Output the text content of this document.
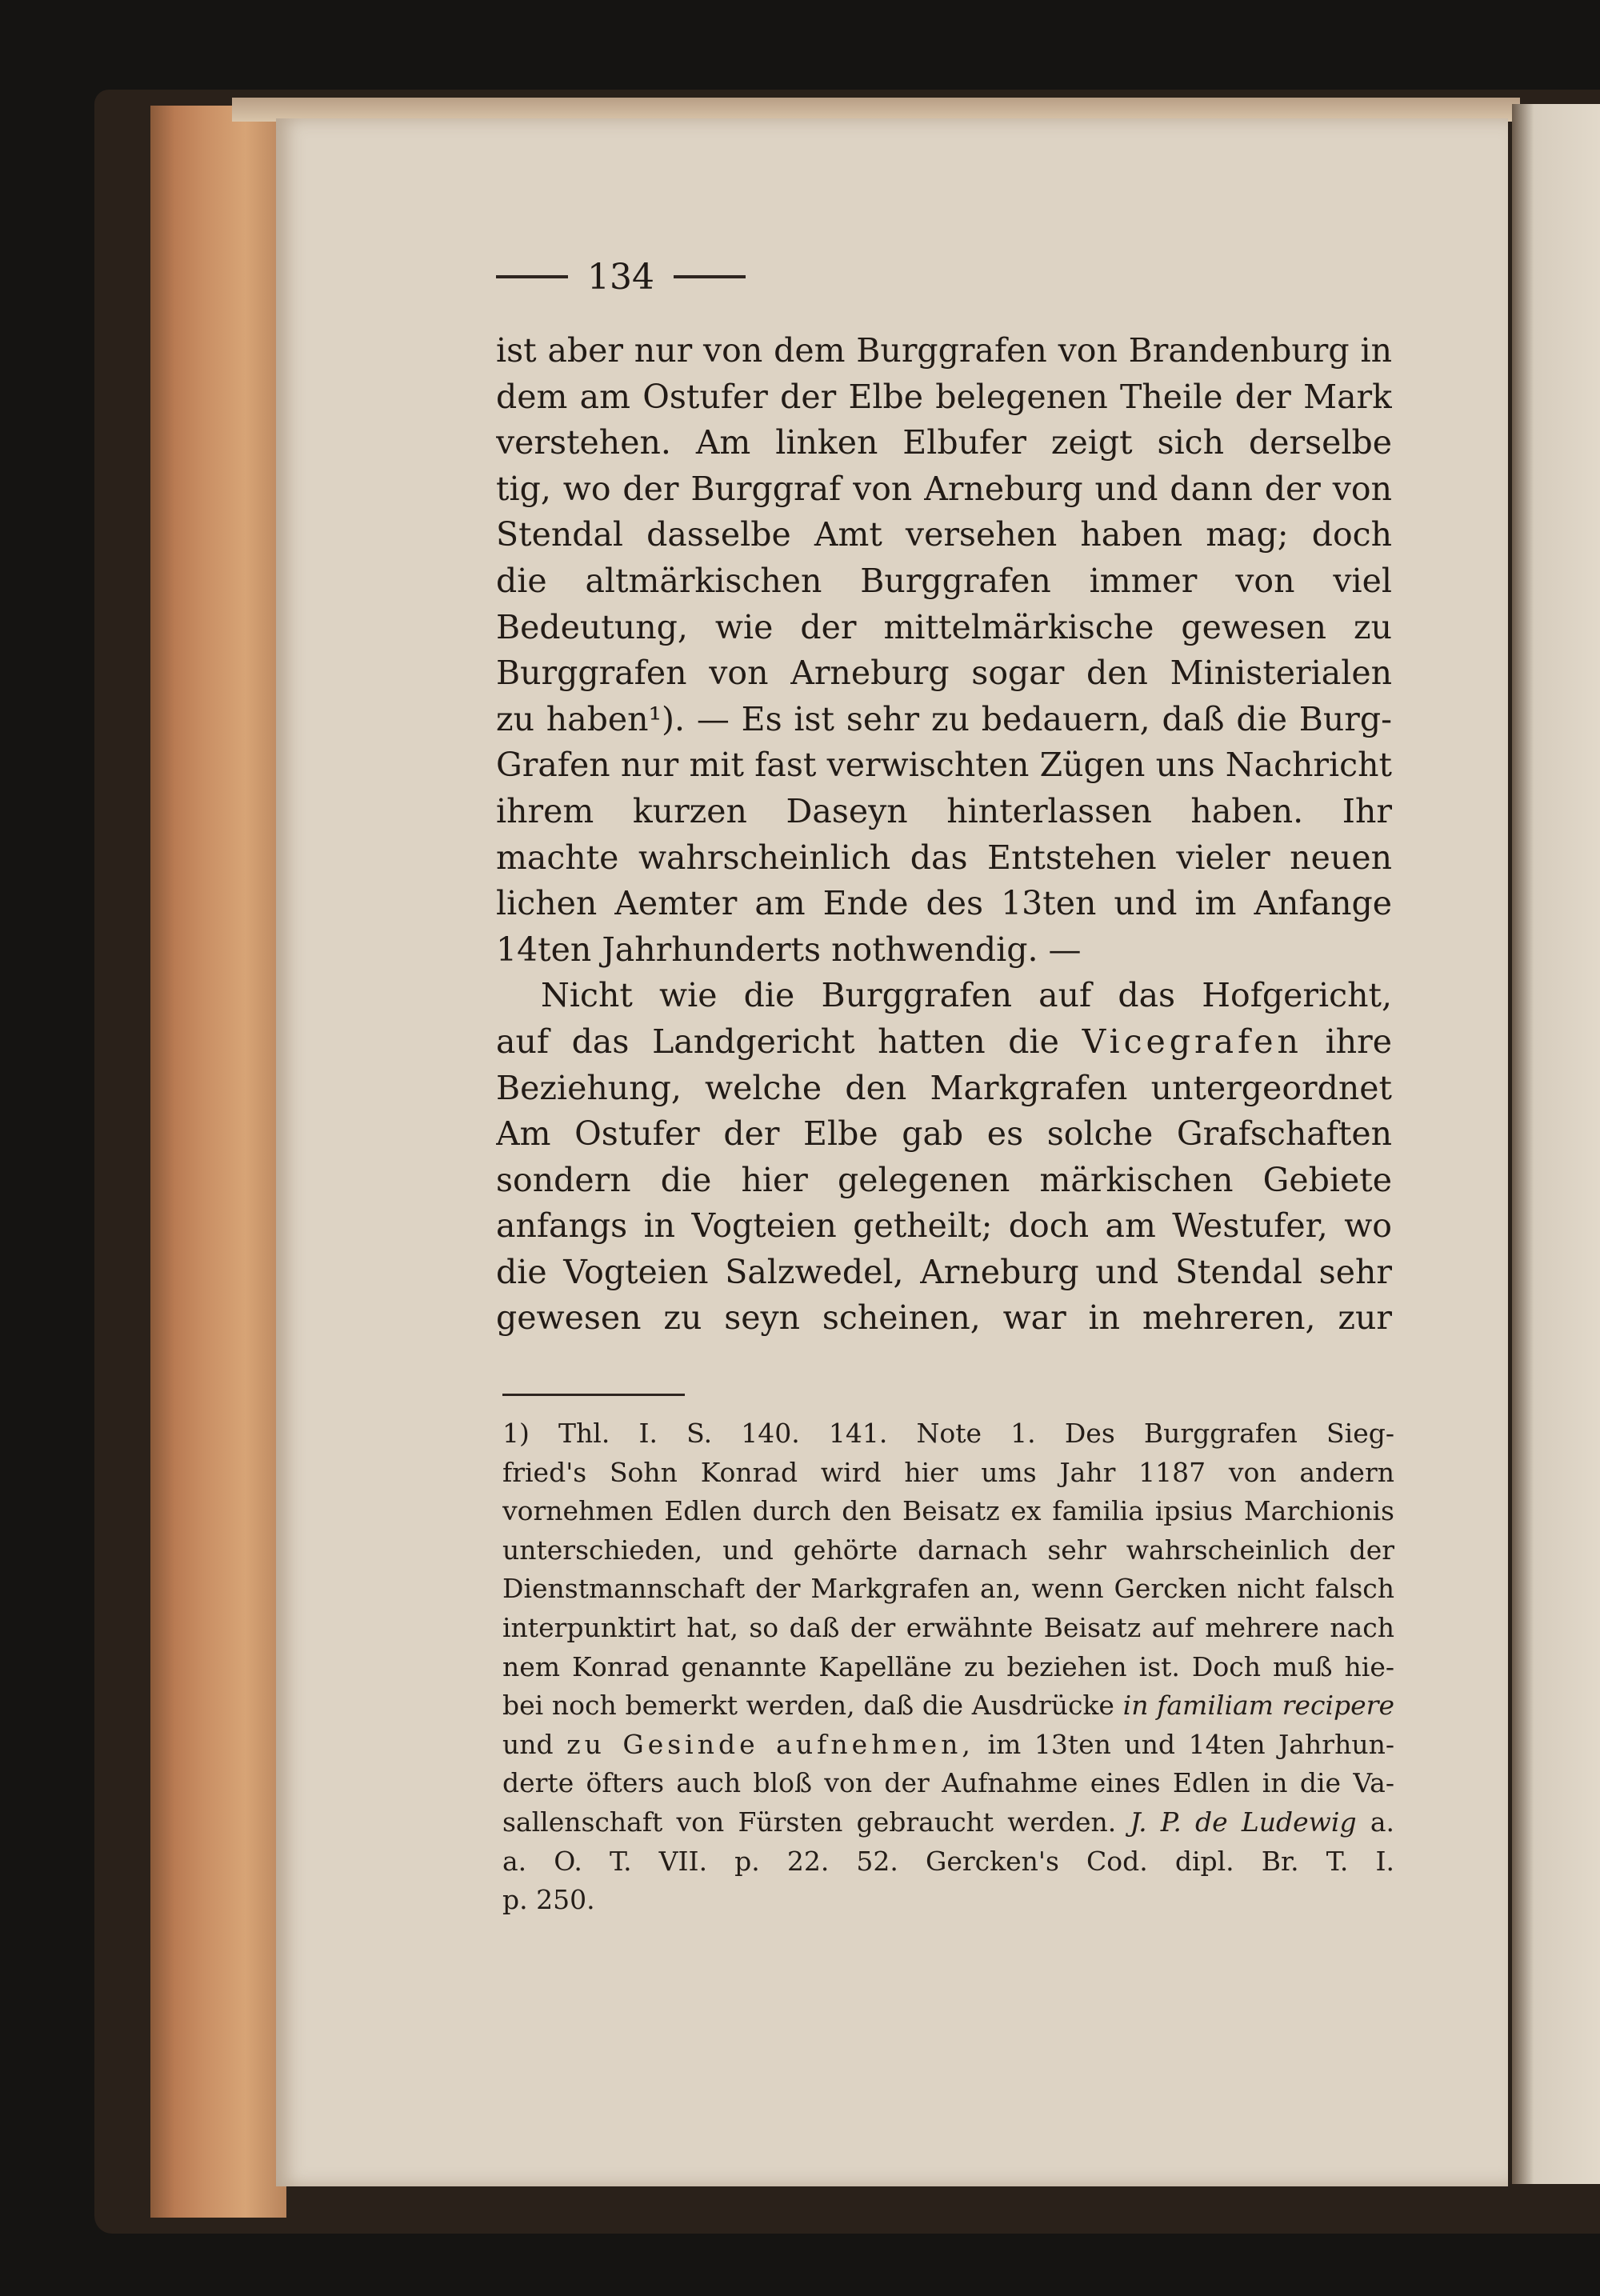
134
ist aber nur von dem Burggrafen von Brandenburg in
dem am Ostufer der Elbe belegenen Theile der Mark
verstehen. Am linken Elbufer zeigt sich derselbe
tig, wo der Burggraf von Arneburg und dann der von
Stendal dasselbe Amt versehen haben mag; doch
die altmärkischen Burggrafen immer von viel
Bedeutung, wie der mittelmärkische gewesen zu
Burggrafen von Arneburg sogar den Ministerialen
zu haben¹). — Es ist sehr zu bedauern, daß die Burg-
Grafen nur mit fast verwischten Zügen uns Nachricht
ihrem kurzen Daseyn hinterlassen haben. Ihr
machte wahrscheinlich das Entstehen vieler neuen
lichen Aemter am Ende des 13ten und im Anfange
14ten Jahrhunderts nothwendig. —
Nicht wie die Burggrafen auf das Hofgericht,
auf das Landgericht hatten die Vicegrafen ihre
Beziehung, welche den Markgrafen untergeordnet
Am Ostufer der Elbe gab es solche Grafschaften
sondern die hier gelegenen märkischen Gebiete
anfangs in Vogteien getheilt; doch am Westufer, wo
die Vogteien Salzwedel, Arneburg und Stendal sehr
gewesen zu seyn scheinen, war in mehreren, zur
1) Thl. I. S. 140. 141. Note 1. Des Burggrafen Sieg-
fried's Sohn Konrad wird hier ums Jahr 1187 von andern
vornehmen Edlen durch den Beisatz ex familia ipsius Marchionis
unterschieden, und gehörte darnach sehr wahrscheinlich der
Dienstmannschaft der Markgrafen an, wenn Gercken nicht falsch
interpunktirt hat, so daß der erwähnte Beisatz auf mehrere nach
nem Konrad genannte Kapelläne zu beziehen ist. Doch muß hie-
bei noch bemerkt werden, daß die Ausdrücke in familiam recipere
und zu Gesinde aufnehmen, im 13ten und 14ten Jahrhun-
derte öfters auch bloß von der Aufnahme eines Edlen in die Va-
sallenschaft von Fürsten gebraucht werden. J. P. de Ludewig a.
a. O. T. VII. p. 22. 52. Gercken's Cod. dipl. Br. T. I.
p. 250.
